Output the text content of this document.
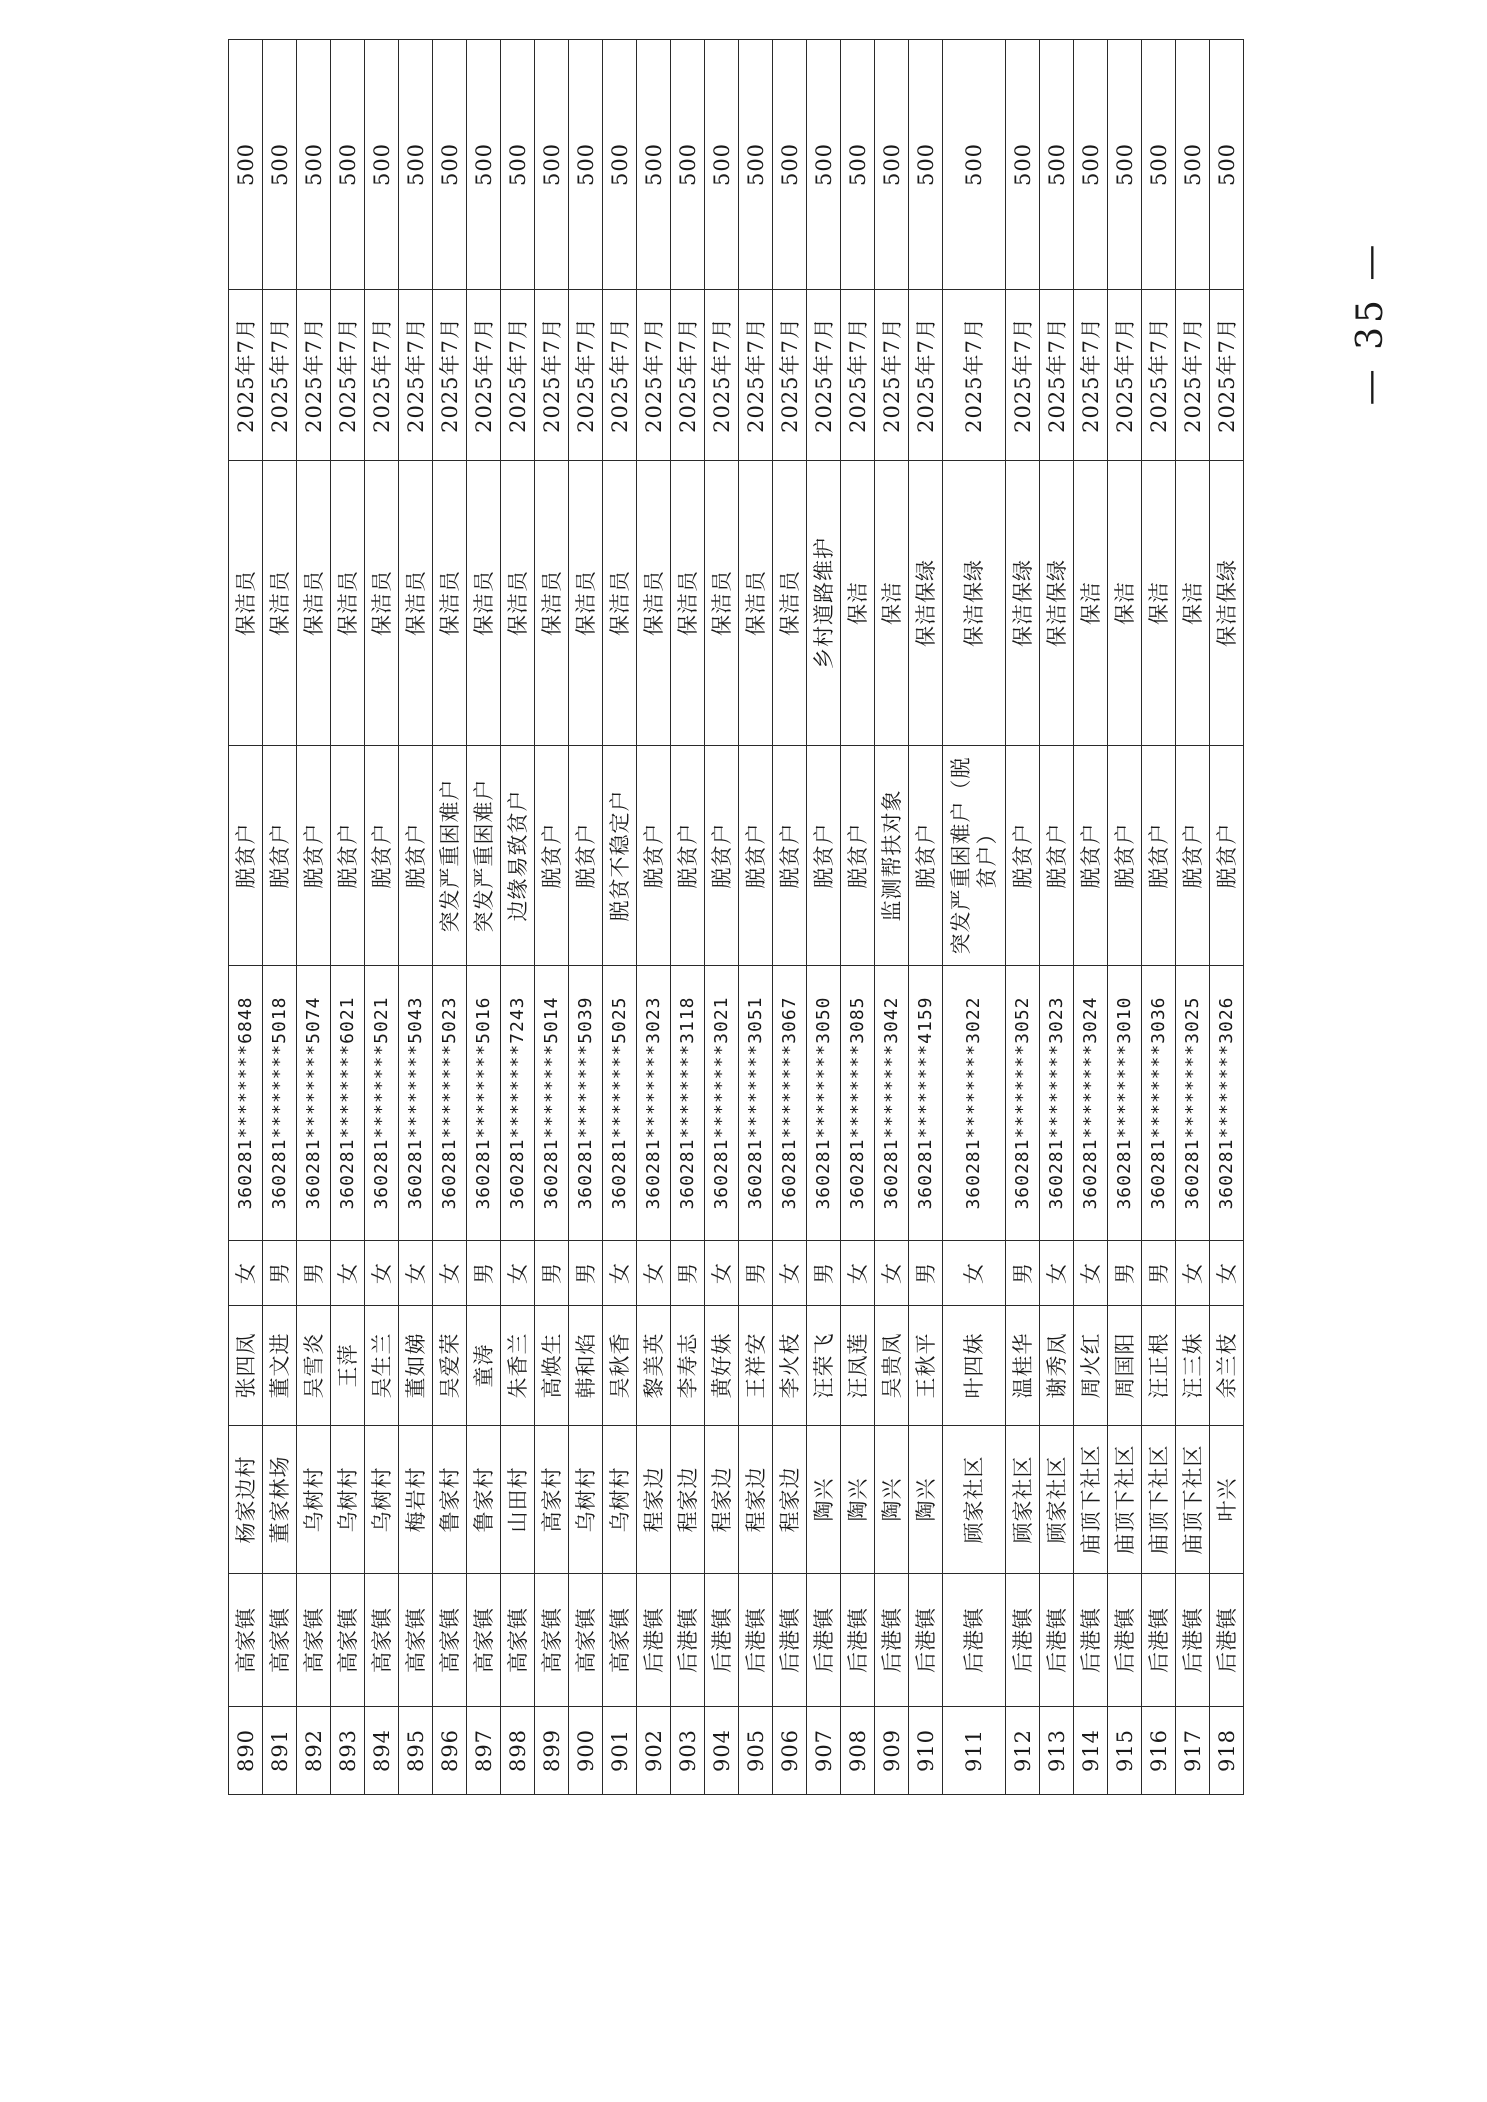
890	高家镇	杨家边村	张四凤	女	360281********6848	脱贫户	保洁员	2025年7月	500
891	高家镇	董家林场	董文进	男	360281********5018	脱贫户	保洁员	2025年7月	500
892	高家镇	乌树村	吴雪炎	男	360281********5074	脱贫户	保洁员	2025年7月	500
893	高家镇	乌树村	王萍	女	360281********6021	脱贫户	保洁员	2025年7月	500
894	高家镇	乌树村	吴生兰	女	360281********5021	脱贫户	保洁员	2025年7月	500
895	高家镇	梅岩村	董如娣	女	360281********5043	脱贫户	保洁员	2025年7月	500
896	高家镇	鲁家村	吴爱荣	女	360281********5023	突发严重困难户	保洁员	2025年7月	500
897	高家镇	鲁家村	童涛	男	360281********5016	突发严重困难户	保洁员	2025年7月	500
898	高家镇	山田村	朱香兰	女	360281********7243	边缘易致贫户	保洁员	2025年7月	500
899	高家镇	高家村	高焕生	男	360281********5014	脱贫户	保洁员	2025年7月	500
900	高家镇	乌树村	韩和焰	男	360281********5039	脱贫户	保洁员	2025年7月	500
901	高家镇	乌树村	吴秋香	女	360281********5025	脱贫不稳定户	保洁员	2025年7月	500
902	后港镇	程家边	黎美英	女	360281********3023	脱贫户	保洁员	2025年7月	500
903	后港镇	程家边	李寿志	男	360281********3118	脱贫户	保洁员	2025年7月	500
904	后港镇	程家边	黄好妹	女	360281********3021	脱贫户	保洁员	2025年7月	500
905	后港镇	程家边	王祥安	男	360281********3051	脱贫户	保洁员	2025年7月	500
906	后港镇	程家边	李火枝	女	360281********3067	脱贫户	保洁员	2025年7月	500
907	后港镇	陶兴	汪荣飞	男	360281********3050	脱贫户	乡村道路维护	2025年7月	500
908	后港镇	陶兴	汪凤莲	女	360281********3085	脱贫户	保洁	2025年7月	500
909	后港镇	陶兴	吴贵凤	女	360281********3042	监测帮扶对象	保洁	2025年7月	500
910	后港镇	陶兴	王秋平	男	360281********4159	脱贫户	保洁保绿	2025年7月	500
911	后港镇	顾家社区	叶四妹	女	360281********3022	突发严重困难户（脱贫户）	保洁保绿	2025年7月	500
912	后港镇	顾家社区	温桂华	男	360281********3052	脱贫户	保洁保绿	2025年7月	500
913	后港镇	顾家社区	谢秀凤	女	360281********3023	脱贫户	保洁保绿	2025年7月	500
914	后港镇	庙顶下社区	周火红	女	360281********3024	脱贫户	保洁	2025年7月	500
915	后港镇	庙顶下社区	周国阳	男	360281********3010	脱贫户	保洁	2025年7月	500
916	后港镇	庙顶下社区	汪正根	男	360281********3036	脱贫户	保洁	2025年7月	500
917	后港镇	庙顶下社区	汪三妹	女	360281********3025	脱贫户	保洁	2025年7月	500
918	后港镇	叶兴	余兰枝	女	360281********3026	脱贫户	保洁保绿	2025年7月	500
— 35 —
